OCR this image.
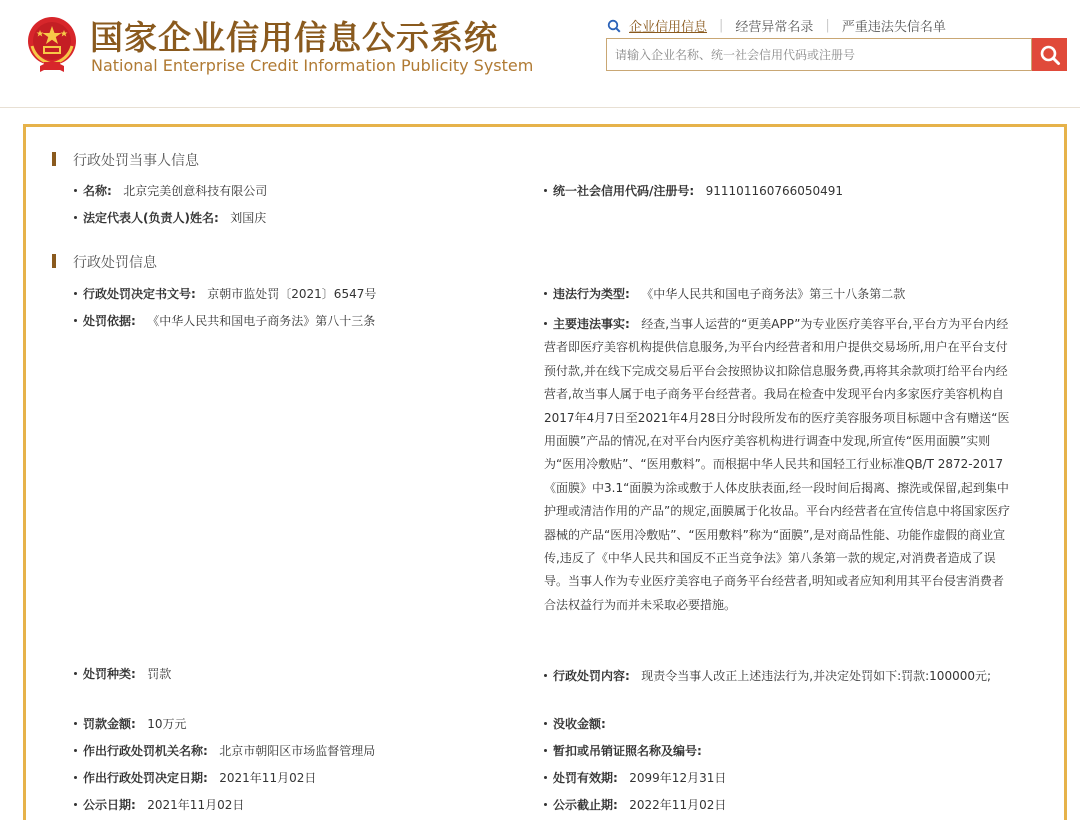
国家企业信用信息公示系统
National Enterprise Credit Information Publicity System
企业信用信息 | 经营异常名录 | 严重违法失信名单
请输入企业名称、统一社会信用代码或注册号
行政处罚当事人信息
名称: 北京完美创意科技有限公司	统一社会信用代码/注册号: 911101160766050491
法定代表人(负责人)姓名: 刘国庆
行政处罚信息
行政处罚决定书文号: 京朝市监处罚〔2021〕6547号	违法行为类型: 《中华人民共和国电子商务法》第三十八条第二款
处罚依据: 《中华人民共和国电子商务法》第八十三条	主要违法事实: 经查,当事人运营的“更美APP”为专业医疗美容平台,平台方为平台内经营者即医疗美容机构提供信息服务,为平台内经营者和用户提供交易场所,用户在平台支付预付款,并在线下完成交易后平台会按照协议扣除信息服务费,再将其余款项打给平台内经营者,故当事人属于电子商务平台经营者。我局在检查中发现平台内多家医疗美容机构自2017年4月7日至2021年4月28日分时段所发布的医疗美容服务项目标题中含有赠送“医用面膜”产品的情况,在对平台内医疗美容机构进行调查中发现,所宣传“医用面膜”实则为“医用冷敷贴”、“医用敷料”。而根据中华人民共和国轻工行业标准QB/T 2872-2017《面膜》中3.1“面膜为涂或敷于人体皮肤表面,经一段时间后揭离、擦洗或保留,起到集中护理或清洁作用的产品”的规定,面膜属于化妆品。平台内经营者在宣传信息中将国家医疗器械的产品“医用冷敷贴”、“医用敷料”称为“面膜”,是对商品性能、功能作虚假的商业宣传,违反了《中华人民共和国反不正当竞争法》第八条第一款的规定,对消费者造成了误导。当事人作为专业医疗美容电子商务平台经营者,明知或者应知利用其平台侵害消费者合法权益行为而并未采取必要措施。
处罚种类: 罚款	行政处罚内容: 现责令当事人改正上述违法行为,并决定处罚如下:罚款:100000元;
罚款金额: 10万元	没收金额:
作出行政处罚机关名称: 北京市朝阳区市场监督管理局	暂扣或吊销证照名称及编号:
作出行政处罚决定日期: 2021年11月02日	处罚有效期: 2099年12月31日
公示日期: 2021年11月02日	公示截止期: 2022年11月02日
